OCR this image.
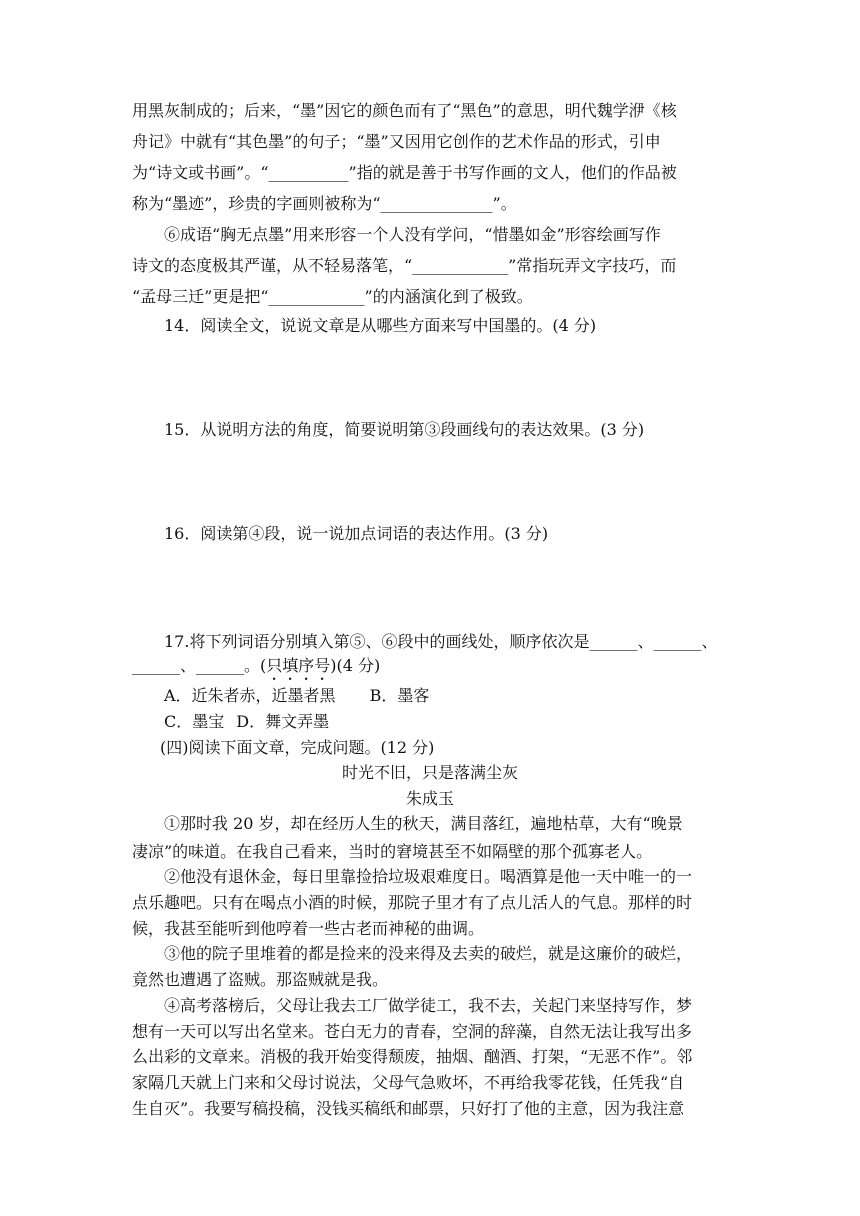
用黑灰制成的；后来，“墨”因它的颜色而有了“黑色”的意思，明代魏学洢《核
舟记》中就有“其色墨”的句子；“墨”又因用它创作的艺术作品的形式，引申
为“诗文或书画”。“__________”指的就是善于书写作画的文人，他们的作品被
称为“墨迹”，珍贵的字画则被称为“______________”。
⑥成语“胸无点墨”用来形容一个人没有学问，“惜墨如金”形容绘画写作
诗文的态度极其严谨，从不轻易落笔，“____________”常指玩弄文字技巧，而
“孟母三迁”更是把“____________”的内涵演化到了极致。
14．阅读全文，说说文章是从哪些方面来写中国墨的。(4 分)
15．从说明方法的角度，简要说明第③段画线句的表达效果。(3 分)
16．阅读第④段，说一说加点词语的表达作用。(3 分)
17.将下列词语分别填入第⑤、⑥段中的画线处，顺序依次是______、______、
______、______。(只填序号)(4 分)
A．近朱者赤，近墨者黑 B．墨客
C．墨宝 D．舞文弄墨
(四)阅读下面文章，完成问题。(12 分)
时光不旧，只是落满尘灰
朱成玉
①那时我 20 岁，却在经历人生的秋天，满目落红，遍地枯草，大有“晚景
凄凉”的味道。在我自己看来，当时的窘境甚至不如隔壁的那个孤寡老人。
②他没有退休金，每日里靠捡拾垃圾艰难度日。喝酒算是他一天中唯一的一
点乐趣吧。只有在喝点小酒的时候，那院子里才有了点儿活人的气息。那样的时
候，我甚至能听到他哼着一些古老而神秘的曲调。
③他的院子里堆着的都是捡来的没来得及去卖的破烂，就是这廉价的破烂，
竟然也遭遇了盗贼。那盗贼就是我。
④高考落榜后，父母让我去工厂做学徒工，我不去，关起门来坚持写作，梦
想有一天可以写出名堂来。苍白无力的青春，空洞的辞藻，自然无法让我写出多
么出彩的文章来。消极的我开始变得颓废，抽烟、酗酒、打架，“无恶不作”。邻
家隔几天就上门来和父母讨说法，父母气急败坏，不再给我零花钱，任凭我“自
生自灭”。我要写稿投稿，没钱买稿纸和邮票，只好打了他的主意，因为我注意
